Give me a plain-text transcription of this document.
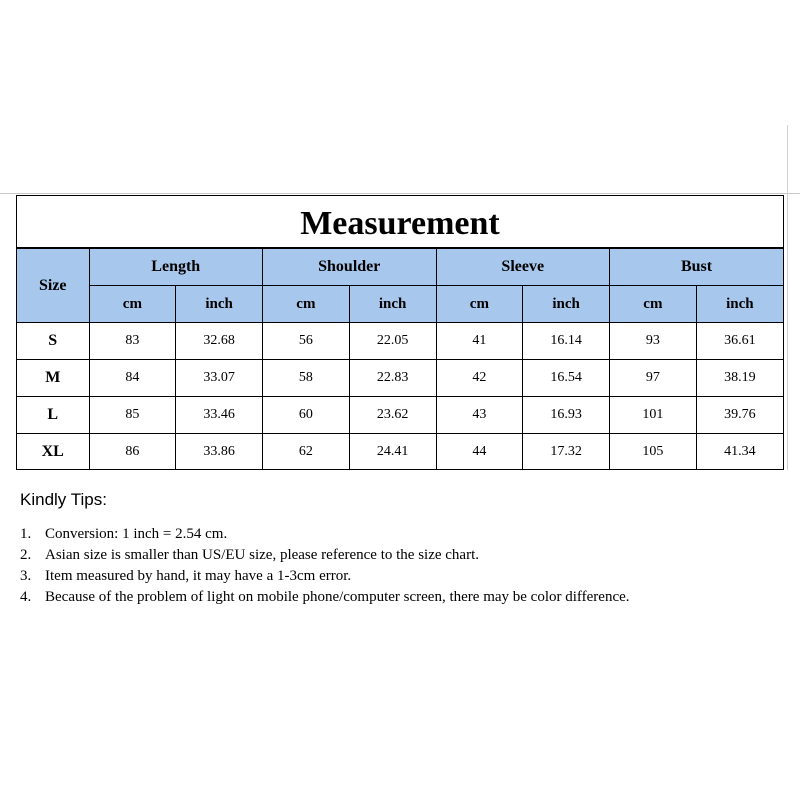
Measurement
Size	Length		Shoulder		Sleeve		Bust	
	cm	inch	cm	inch	cm	inch	cm	inch
S	83	32.68	56	22.05	41	16.14	93	36.61
M	84	33.07	58	22.83	42	16.54	97	38.19
L	85	33.46	60	23.62	43	16.93	101	39.76
XL	86	33.86	62	24.41	44	17.32	105	41.34
Kindly Tips:
1. Conversion: 1 inch = 2.54 cm.
2. Asian size is smaller than US/EU size, please reference to the size chart.
3. Item measured by hand, it may have a 1-3cm error.
4. Because of the problem of light on mobile phone/computer screen, there may be color difference.
